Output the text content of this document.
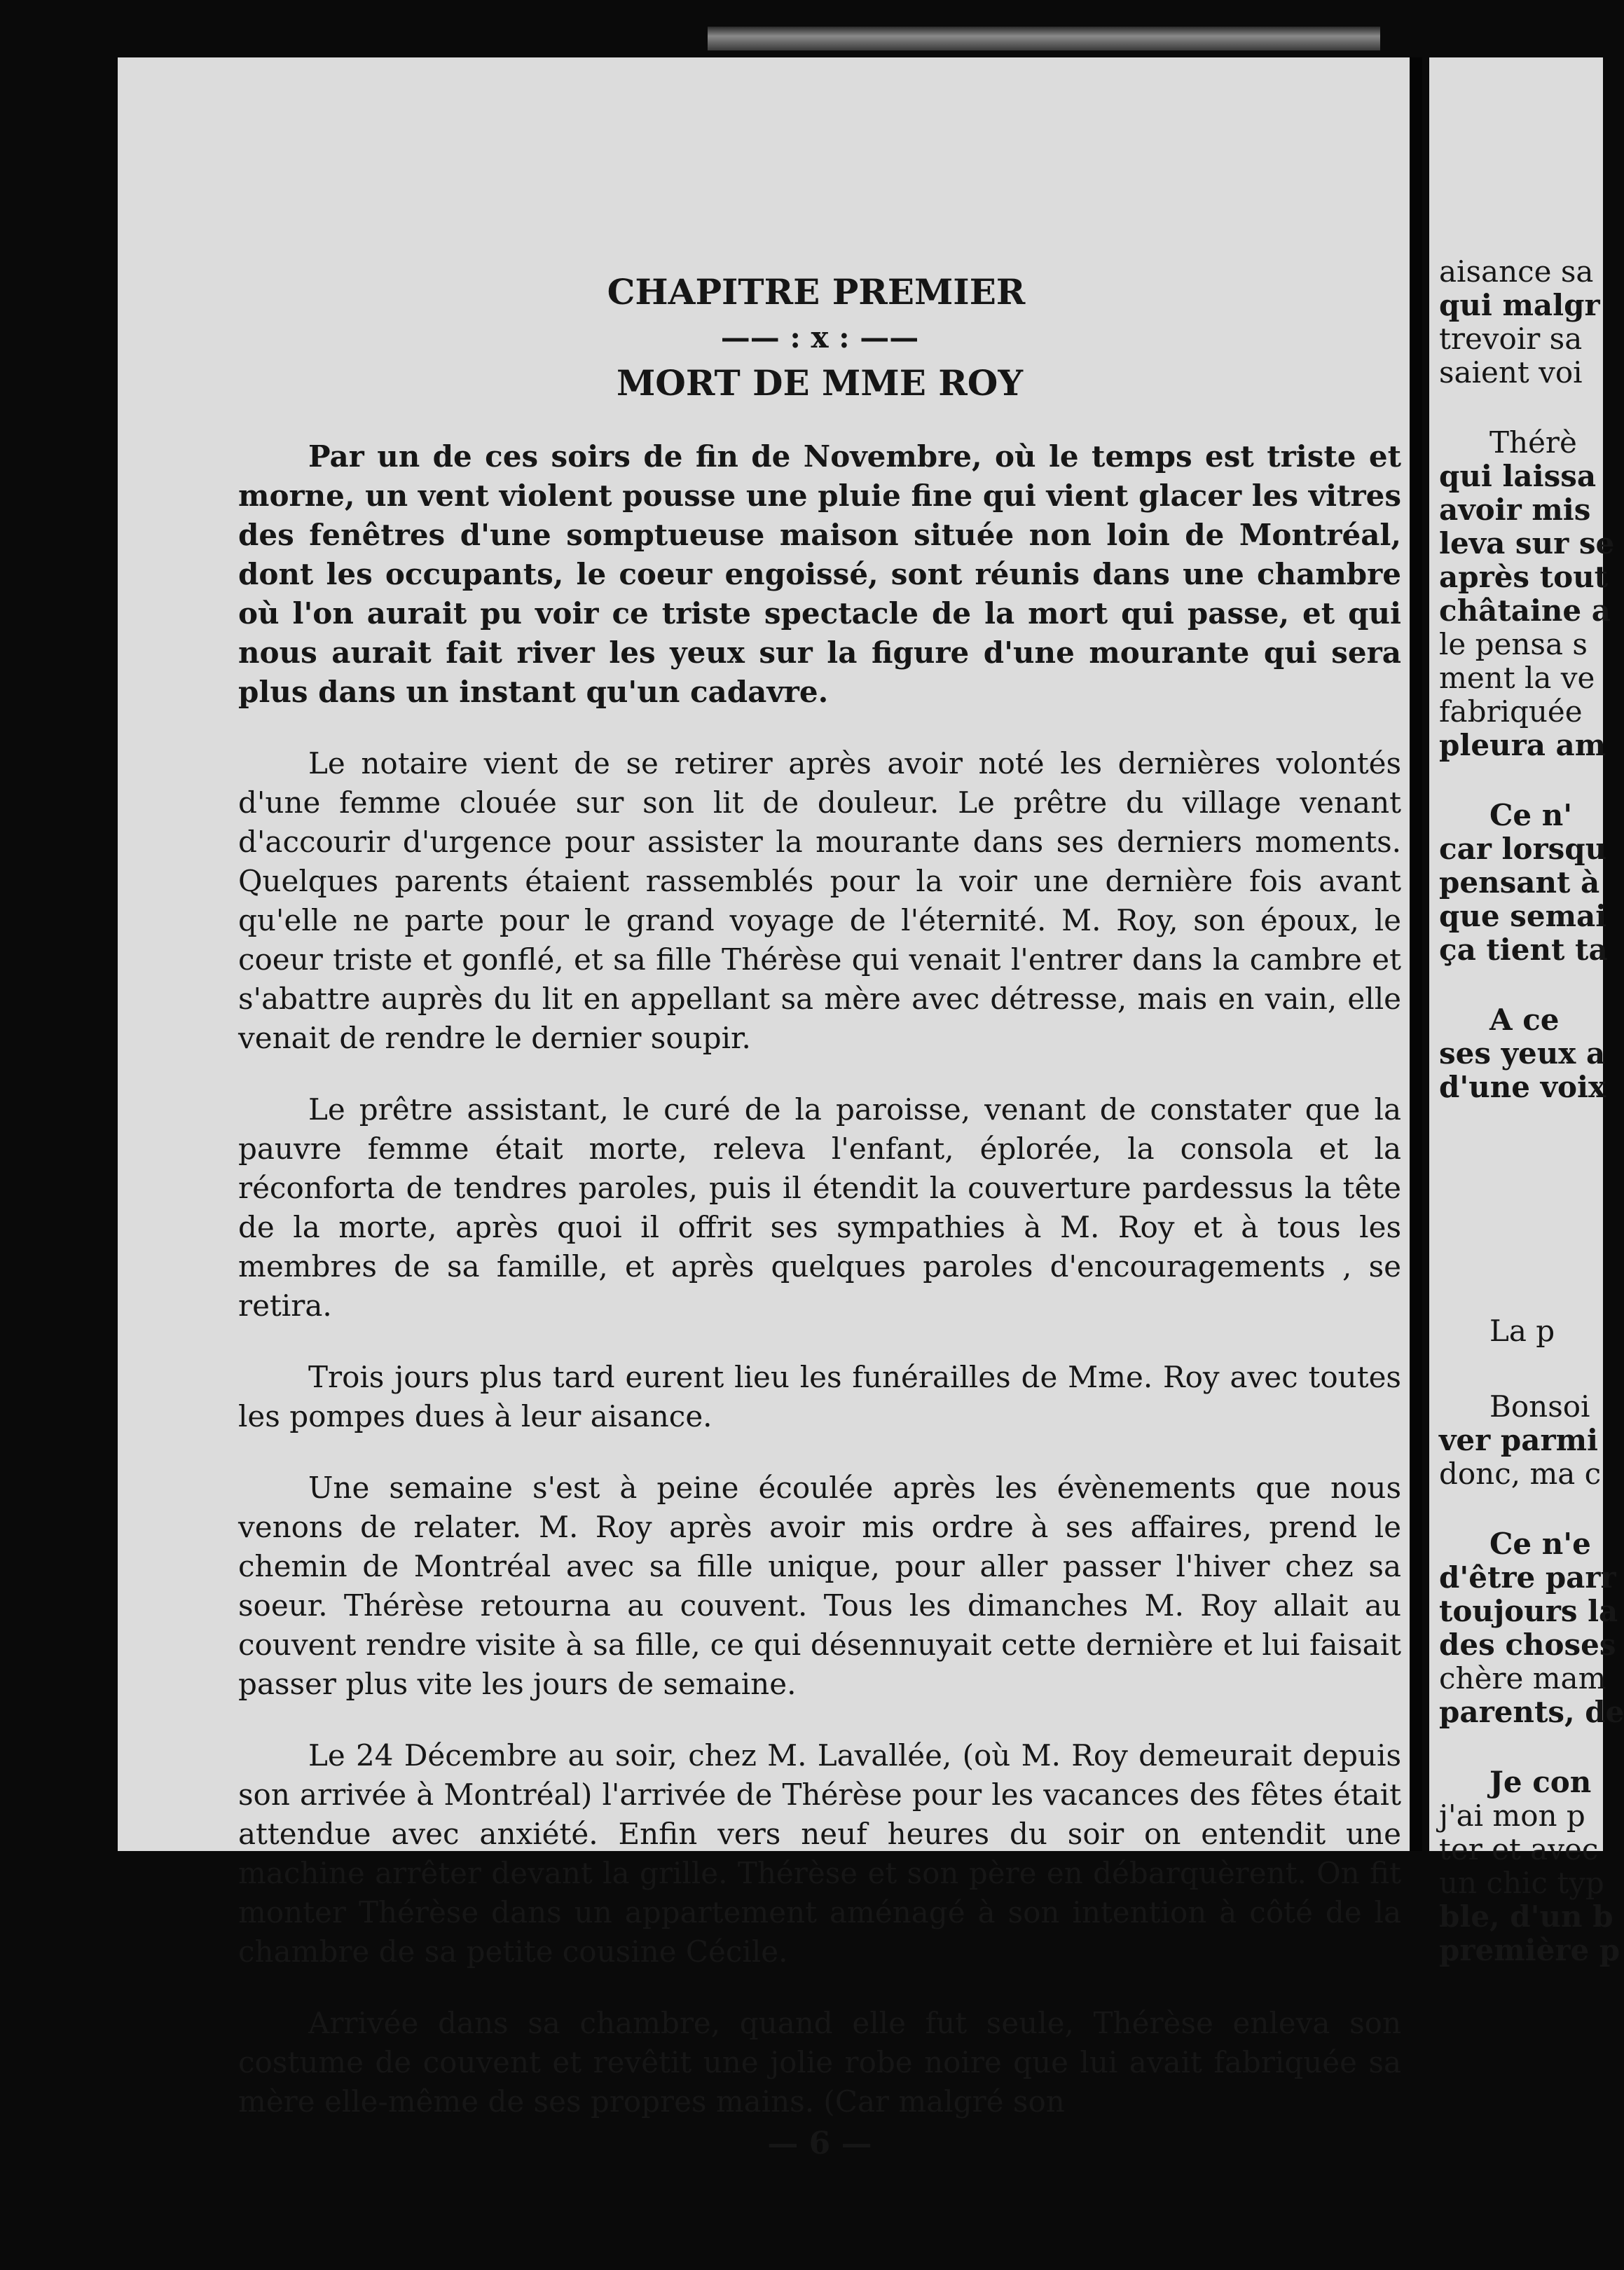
CHAPITRE PREMIER
—— : x : ——
MORT DE MME ROY

Par un de ces soirs de fin de Novembre, où le temps est triste et morne, un vent violent pousse une pluie fine qui vient glacer les vitres des fenêtres d'une somptueuse maison située non loin de Montréal, dont les occupants, le coeur engoissé, sont réunis dans une chambre où l'on aurait pu voir ce triste spectacle de la mort qui passe, et qui nous aurait fait river les yeux sur la figure d'une mourante qui sera plus dans un instant qu'un cadavre.

Le notaire vient de se retirer après avoir noté les dernières volontés d'une femme clouée sur son lit de douleur. Le prêtre du village venant d'accourir d'urgence pour assister la mourante dans ses derniers moments. Quelques parents étaient rassemblés pour la voir une dernière fois avant qu'elle ne parte pour le grand voyage de l'éternité. M. Roy, son époux, le coeur triste et gonflé, et sa fille Thérèse qui venait l'entrer dans la cambre et s'abattre auprès du lit en appellant sa mère avec détresse, mais en vain, elle venait de rendre le dernier soupir.

Le prêtre assistant, le curé de la paroisse, venant de constater que la pauvre femme était morte, releva l'enfant, éplorée, la consola et la réconforta de tendres paroles, puis il étendit la couverture pardessus la tête de la morte, après quoi il offrit ses sympathies à M. Roy et à tous les membres de sa famille, et après quelques paroles d'encouragements , se retira.

Trois jours plus tard eurent lieu les funérailles de Mme. Roy avec toutes les pompes dues à leur aisance.

Une semaine s'est à peine écoulée après les évènements que nous venons de relater. M. Roy après avoir mis ordre à ses affaires, prend le chemin de Montréal avec sa fille unique, pour aller passer l'hiver chez sa soeur. Thérèse retourna au couvent. Tous les dimanches M. Roy allait au couvent rendre visite à sa fille, ce qui désennuyait cette dernière et lui faisait passer plus vite les jours de semaine.

Le 24 Décembre au soir, chez M. Lavallée, (où M. Roy demeurait depuis son arrivée à Montréal) l'arrivée de Thérèse pour les vacances des fêtes était attendue avec anxiété. Enfin vers neuf heures du soir on entendit une machine arrêter devant la grille. Thérèse et son père en débarquèrent. On fit monter Thérèse dans un appartement aménagé à son intention à côté de la chambre de sa petite cousine Cécile.

Arrivée dans sa chambre, quand elle fut seule, Thérèse enleva son costume de couvent et revêtit une jolie robe noire que lui avait fabriquée sa mère elle-même de ses propres mains. (Car malgré son

— 6 —
aisance sa
qui malgr
trevoir sa
saient voi
Thérè
qui laissa
avoir mis
leva sur se
après tout
châtaine a
le pensa s
ment la ve
fabriquée
pleura am
Ce n'
car lorsqu
pensant à
que semai
ça tient ta
A ce
ses yeux a
d'une voix
La p
Bonsoi
ver parmi
donc, ma c
Ce n'e
d'être parr
toujours la
des choses
chère mam
parents, de
Je con
j'ai mon p
ter et avec
un chic typ
ble, d'un b
première p
